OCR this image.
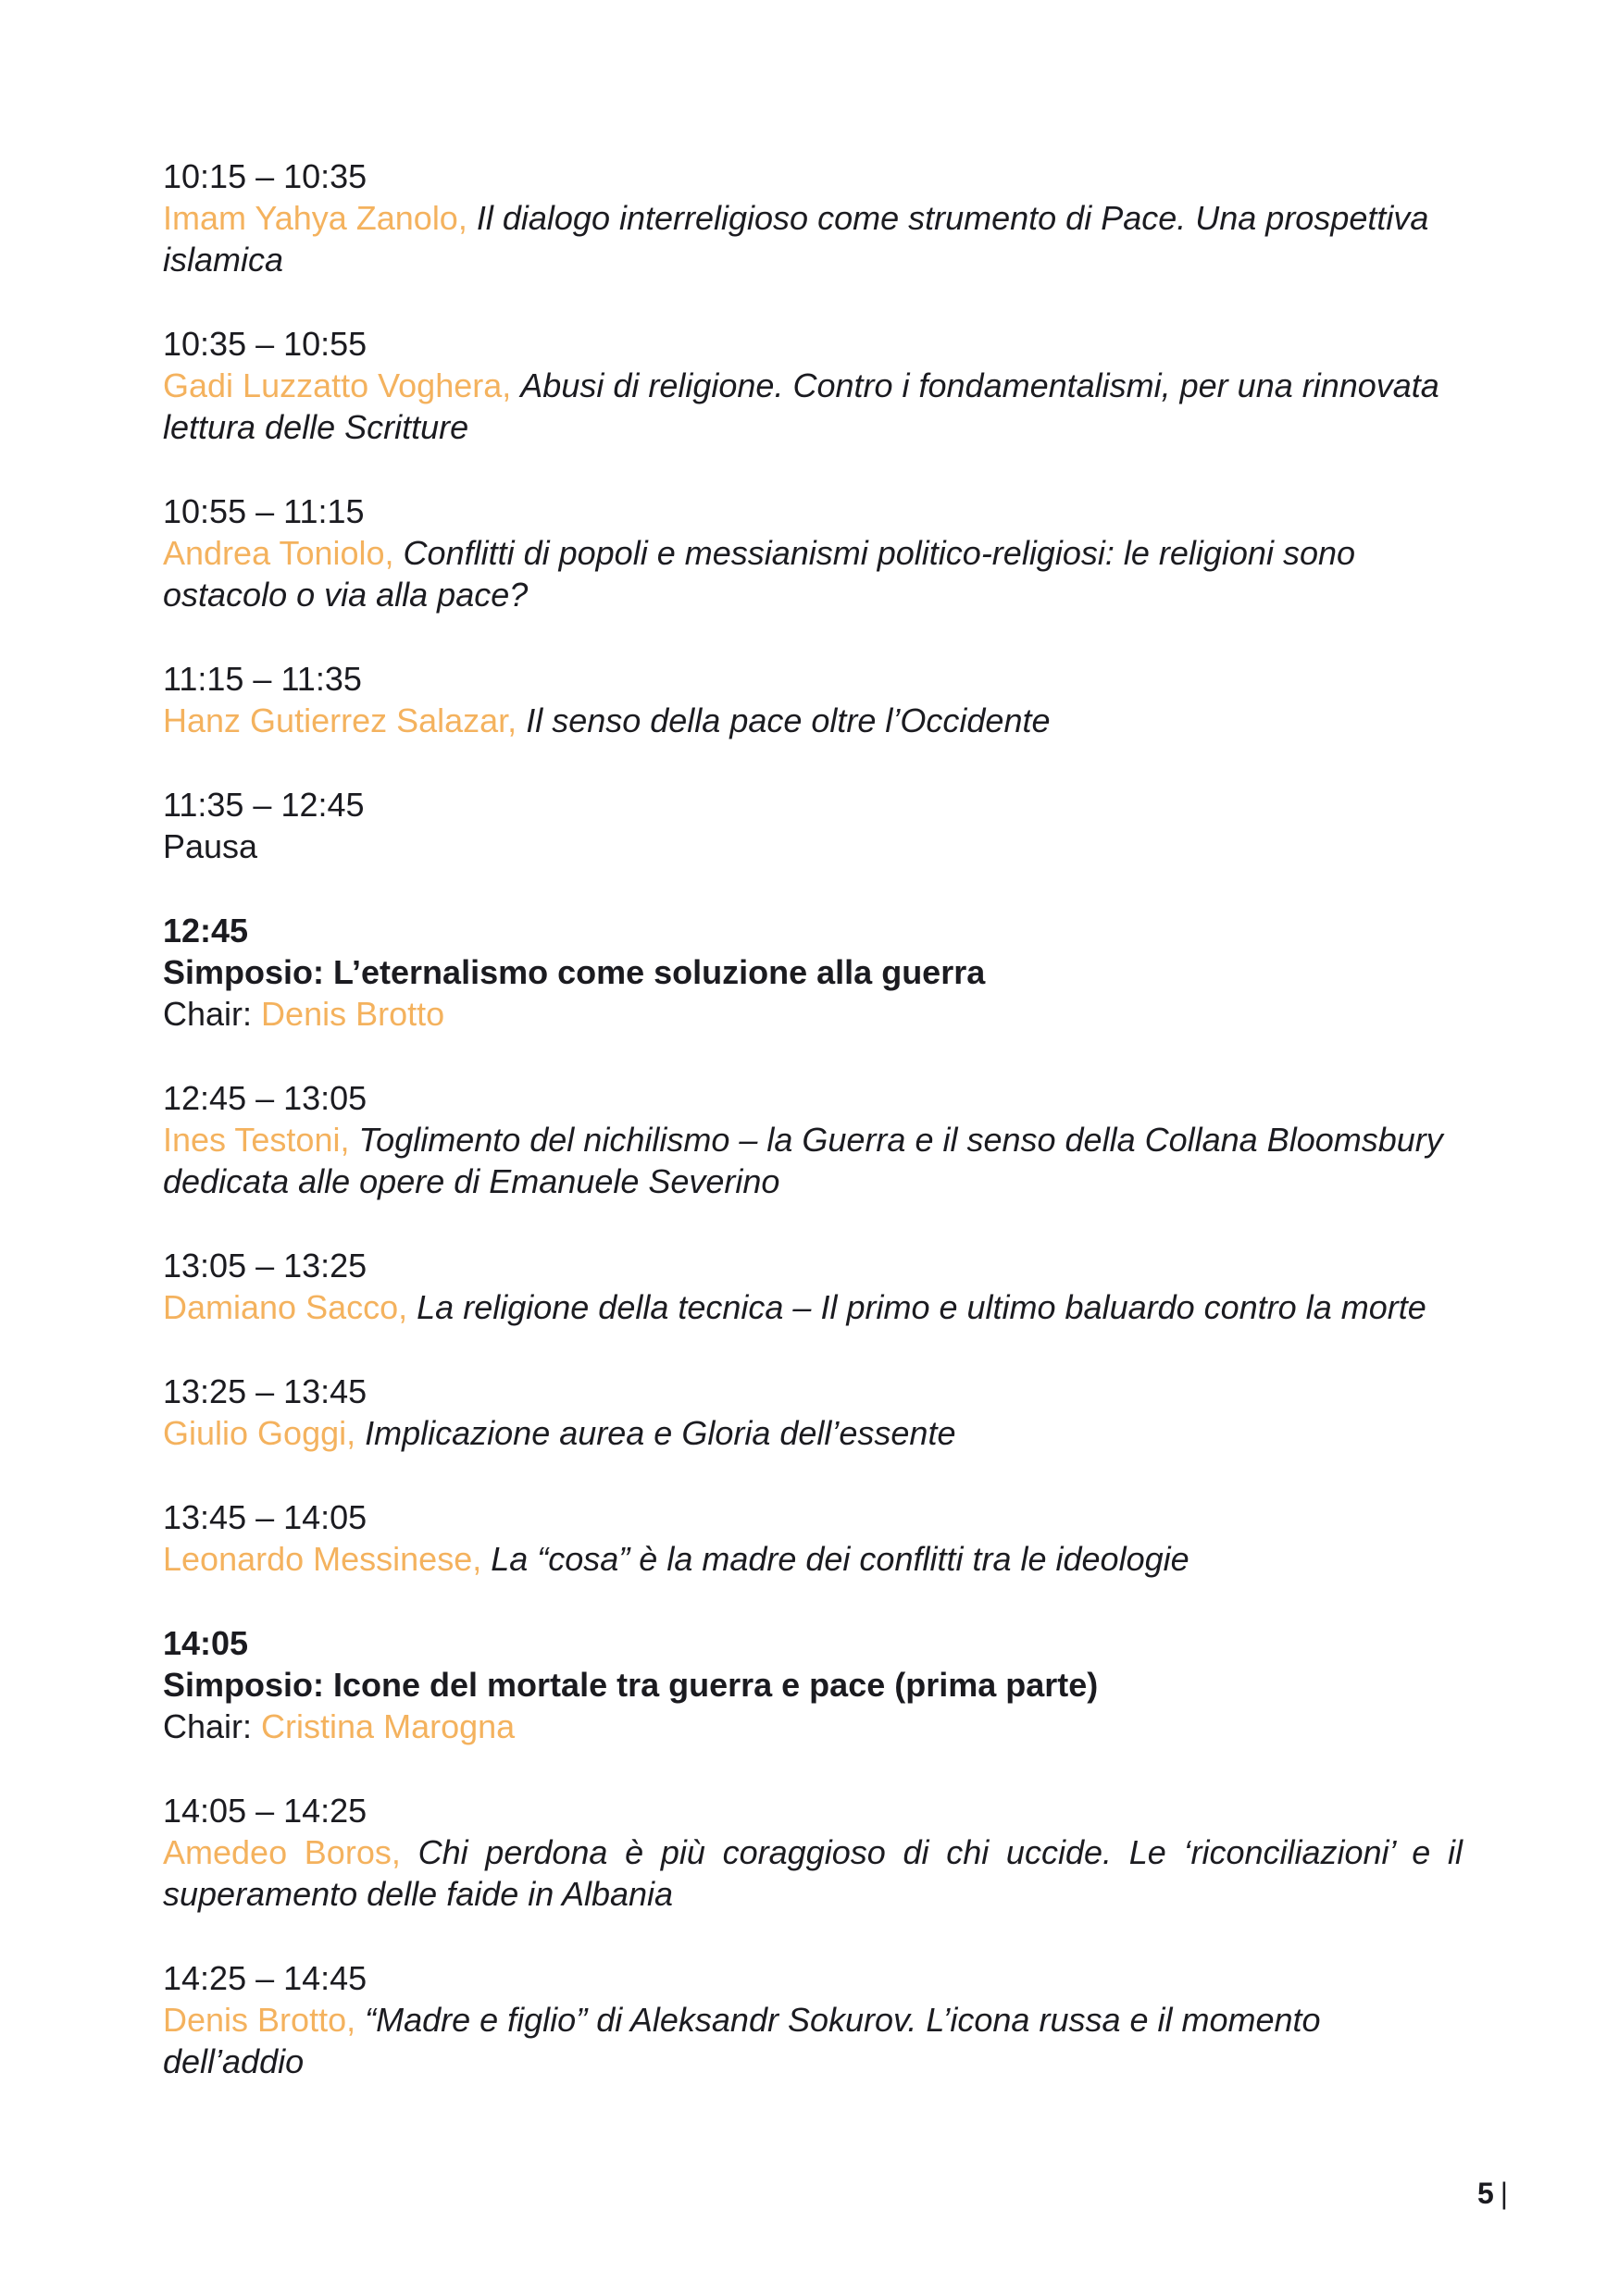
10:15 – 10:35
Imam Yahya Zanolo, Il dialogo interreligioso come strumento di Pace. Una prospettiva islamica
10:35 – 10:55
Gadi Luzzatto Voghera, Abusi di religione. Contro i fondamentalismi, per una rinnovata lettura delle Scritture
10:55 – 11:15
Andrea Toniolo, Conflitti di popoli e messianismi politico-religiosi: le religioni sono ostacolo o via alla pace?
11:15 – 11:35
Hanz Gutierrez Salazar, Il senso della pace oltre l’Occidente
11:35 – 12:45
Pausa
12:45
Simposio: L’eternalismo come soluzione alla guerra
Chair: Denis Brotto
12:45 – 13:05
Ines Testoni, Toglimento del nichilismo – la Guerra e il senso della Collana Bloomsbury dedicata alle opere di Emanuele Severino
13:05 – 13:25
Damiano Sacco, La religione della tecnica – Il primo e ultimo baluardo contro la morte
13:25 – 13:45
Giulio Goggi, Implicazione aurea e Gloria dell’essente
13:45 – 14:05
Leonardo Messinese, La “cosa” è la madre dei conflitti tra le ideologie
14:05
Simposio: Icone del mortale tra guerra e pace (prima parte)
Chair: Cristina Marogna
14:05 – 14:25
Amedeo Boros, Chi perdona è più coraggioso di chi uccide. Le ‘riconciliazioni’ e il superamento delle faide in Albania
14:25 – 14:45
Denis Brotto, “Madre e figlio” di Aleksandr Sokurov. L’icona russa e il momento dell’addio
5 |
